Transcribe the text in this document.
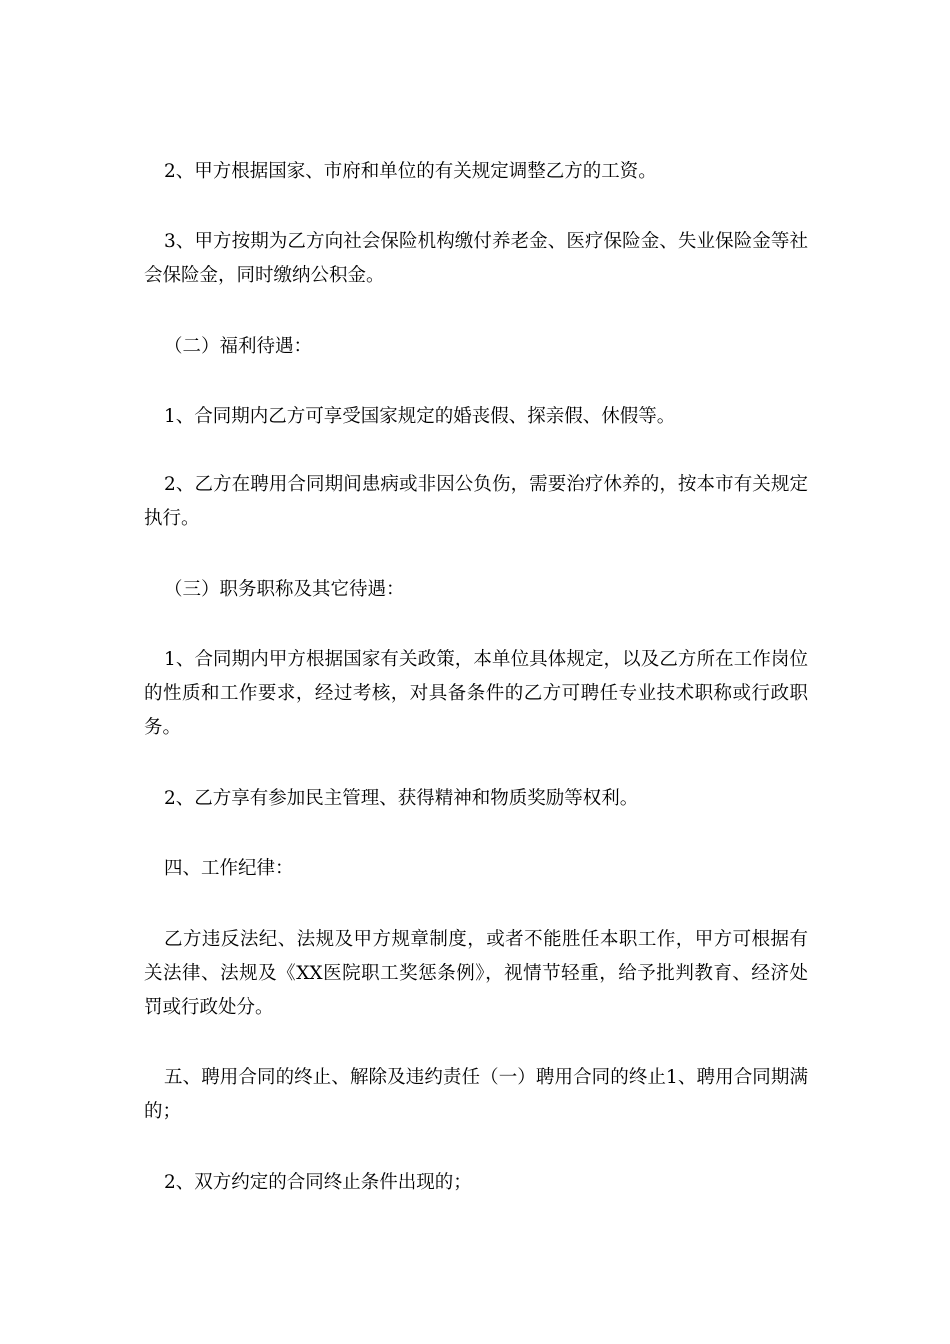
2、甲方根据国家、市府和单位的有关规定调整乙方的工资。

3、甲方按期为乙方向社会保险机构缴付养老金、医疗保险金、失业保险金等社会保险金，同时缴纳公积金。

（二）福利待遇：

1、合同期内乙方可享受国家规定的婚丧假、探亲假、休假等。

2、乙方在聘用合同期间患病或非因公负伤，需要治疗休养的，按本市有关规定执行。

（三）职务职称及其它待遇：

1、合同期内甲方根据国家有关政策，本单位具体规定，以及乙方所在工作岗位的性质和工作要求，经过考核，对具备条件的乙方可聘任专业技术职称或行政职务。

2、乙方享有参加民主管理、获得精神和物质奖励等权利。

四、工作纪律：

乙方违反法纪、法规及甲方规章制度，或者不能胜任本职工作，甲方可根据有关法律、法规及《XX医院职工奖惩条例》，视情节轻重，给予批判教育、经济处罚或行政处分。

五、聘用合同的终止、解除及违约责任（一）聘用合同的终止1、聘用合同期满的；

2、双方约定的合同终止条件出现的；
